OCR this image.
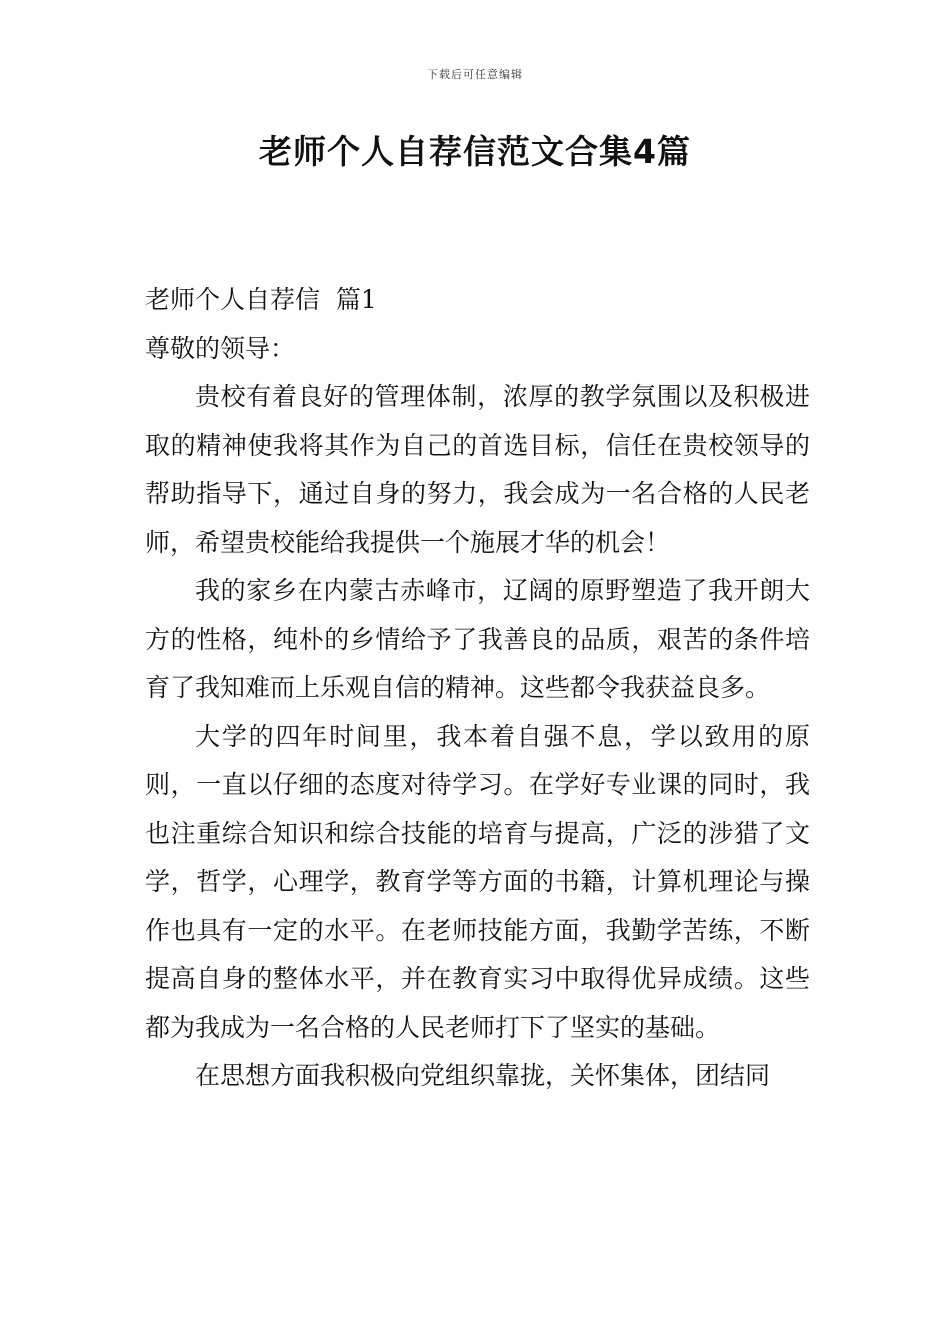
下载后可任意编辑
老师个人自荐信范文合集4篇

老师个人自荐信  篇1

尊敬的领导：

贵校有着良好的管理体制，浓厚的教学氛围以及积极进取的精神使我将其作为自己的首选目标，信任在贵校领导的帮助指导下，通过自身的努力，我会成为一名合格的人民老师，希望贵校能给我提供一个施展才华的机会！

我的家乡在内蒙古赤峰市，辽阔的原野塑造了我开朗大方的性格，纯朴的乡情给予了我善良的品质，艰苦的条件培育了我知难而上乐观自信的精神。这些都令我获益良多。

大学的四年时间里，我本着自强不息，学以致用的原则，一直以仔细的态度对待学习。在学好专业课的同时，我也注重综合知识和综合技能的培育与提高，广泛的涉猎了文学，哲学，心理学，教育学等方面的书籍，计算机理论与操作也具有一定的水平。在老师技能方面，我勤学苦练，不断提高自身的整体水平，并在教育实习中取得优异成绩。这些都为我成为一名合格的人民老师打下了坚实的基础。

在思想方面我积极向党组织靠拢，关怀集体，团结同
